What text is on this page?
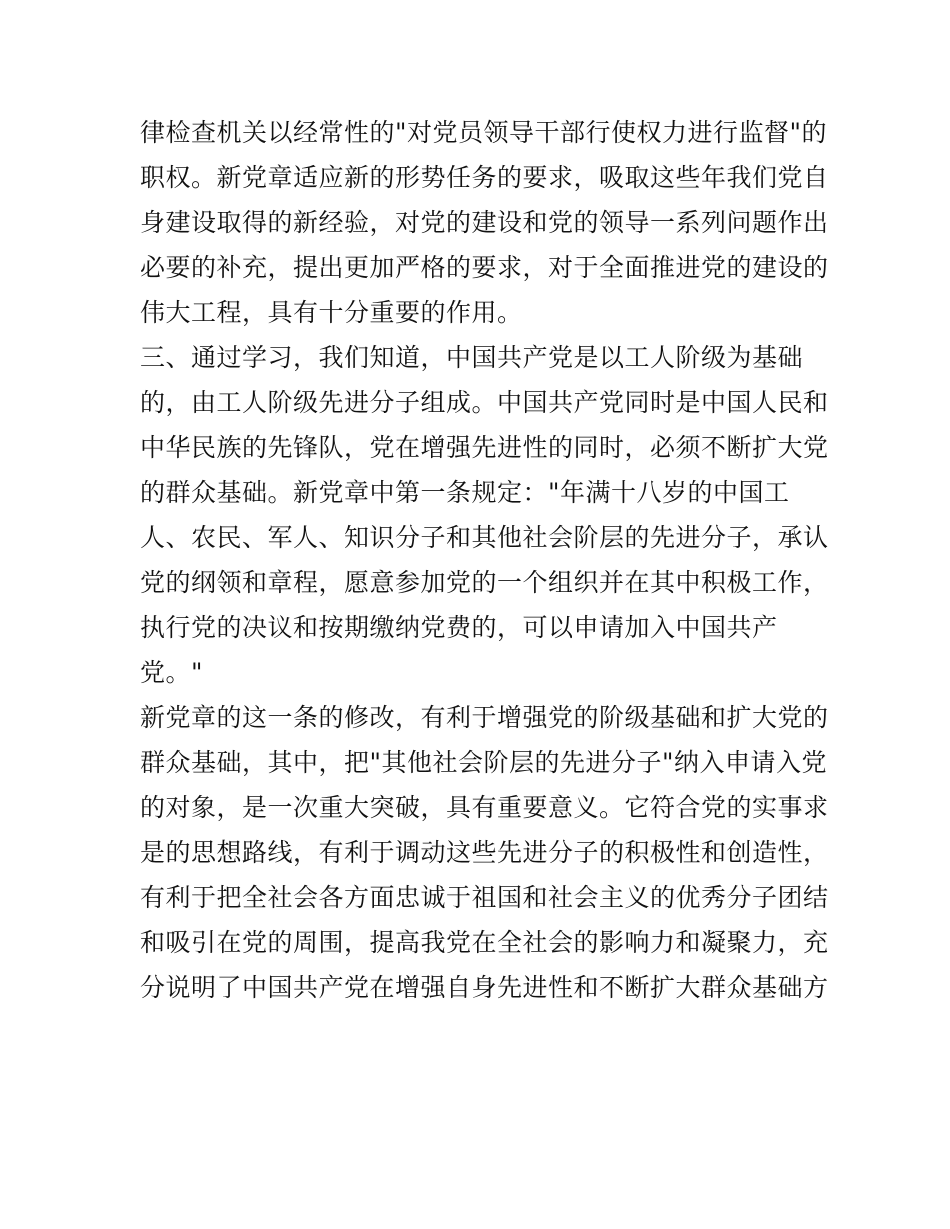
律检查机关以经常性的"对党员领导干部行使权力进行监督"的
职权。新党章适应新的形势任务的要求，吸取这些年我们党自
身建设取得的新经验，对党的建设和党的领导一系列问题作出
必要的补充，提出更加严格的要求，对于全面推进党的建设的
伟大工程，具有十分重要的作用。
三、通过学习，我们知道，中国共产党是以工人阶级为基础
的，由工人阶级先进分子组成。中国共产党同时是中国人民和
中华民族的先锋队，党在增强先进性的同时，必须不断扩大党
的群众基础。新党章中第一条规定："年满十八岁的中国工
人、农民、军人、知识分子和其他社会阶层的先进分子，承认
党的纲领和章程，愿意参加党的一个组织并在其中积极工作，
执行党的决议和按期缴纳党费的，可以申请加入中国共产
党。"
新党章的这一条的修改，有利于增强党的阶级基础和扩大党的
群众基础，其中，把"其他社会阶层的先进分子"纳入申请入党
的对象，是一次重大突破，具有重要意义。它符合党的实事求
是的思想路线，有利于调动这些先进分子的积极性和创造性，
有利于把全社会各方面忠诚于祖国和社会主义的优秀分子团结
和吸引在党的周围，提高我党在全社会的影响力和凝聚力，充
分说明了中国共产党在增强自身先进性和不断扩大群众基础方
